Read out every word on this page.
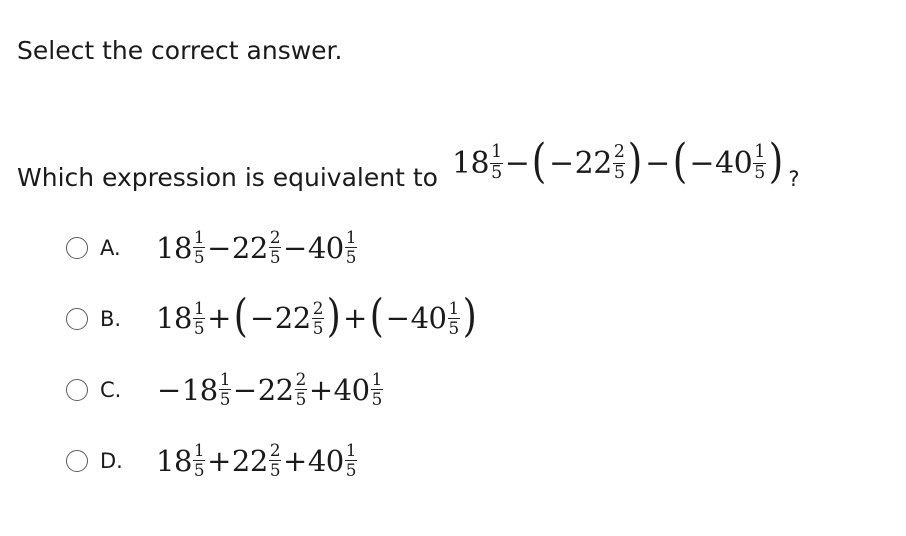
Select the correct answer.
Which expression is equivalent to $18 \frac{1}{5}$ − ( − $22 \frac{2}{5}$ ) − ( − $40 \frac{1}{5}$ ) ?
A.	$18 \frac{1}{5} - 22 \frac{2}{5} - 40 \frac{1}{5}$
B.	$18 \frac{1}{5}$ + ( − $22 \frac{2}{5}$ ) + ( − $40 \frac{1}{5}$ )
C.	− $18 \frac{1}{5} - 22 \frac{2}{5} + 40 \frac{1}{5}$
D.	$18 \frac{1}{5} + 22 \frac{2}{5} + 40 \frac{1}{5}$
